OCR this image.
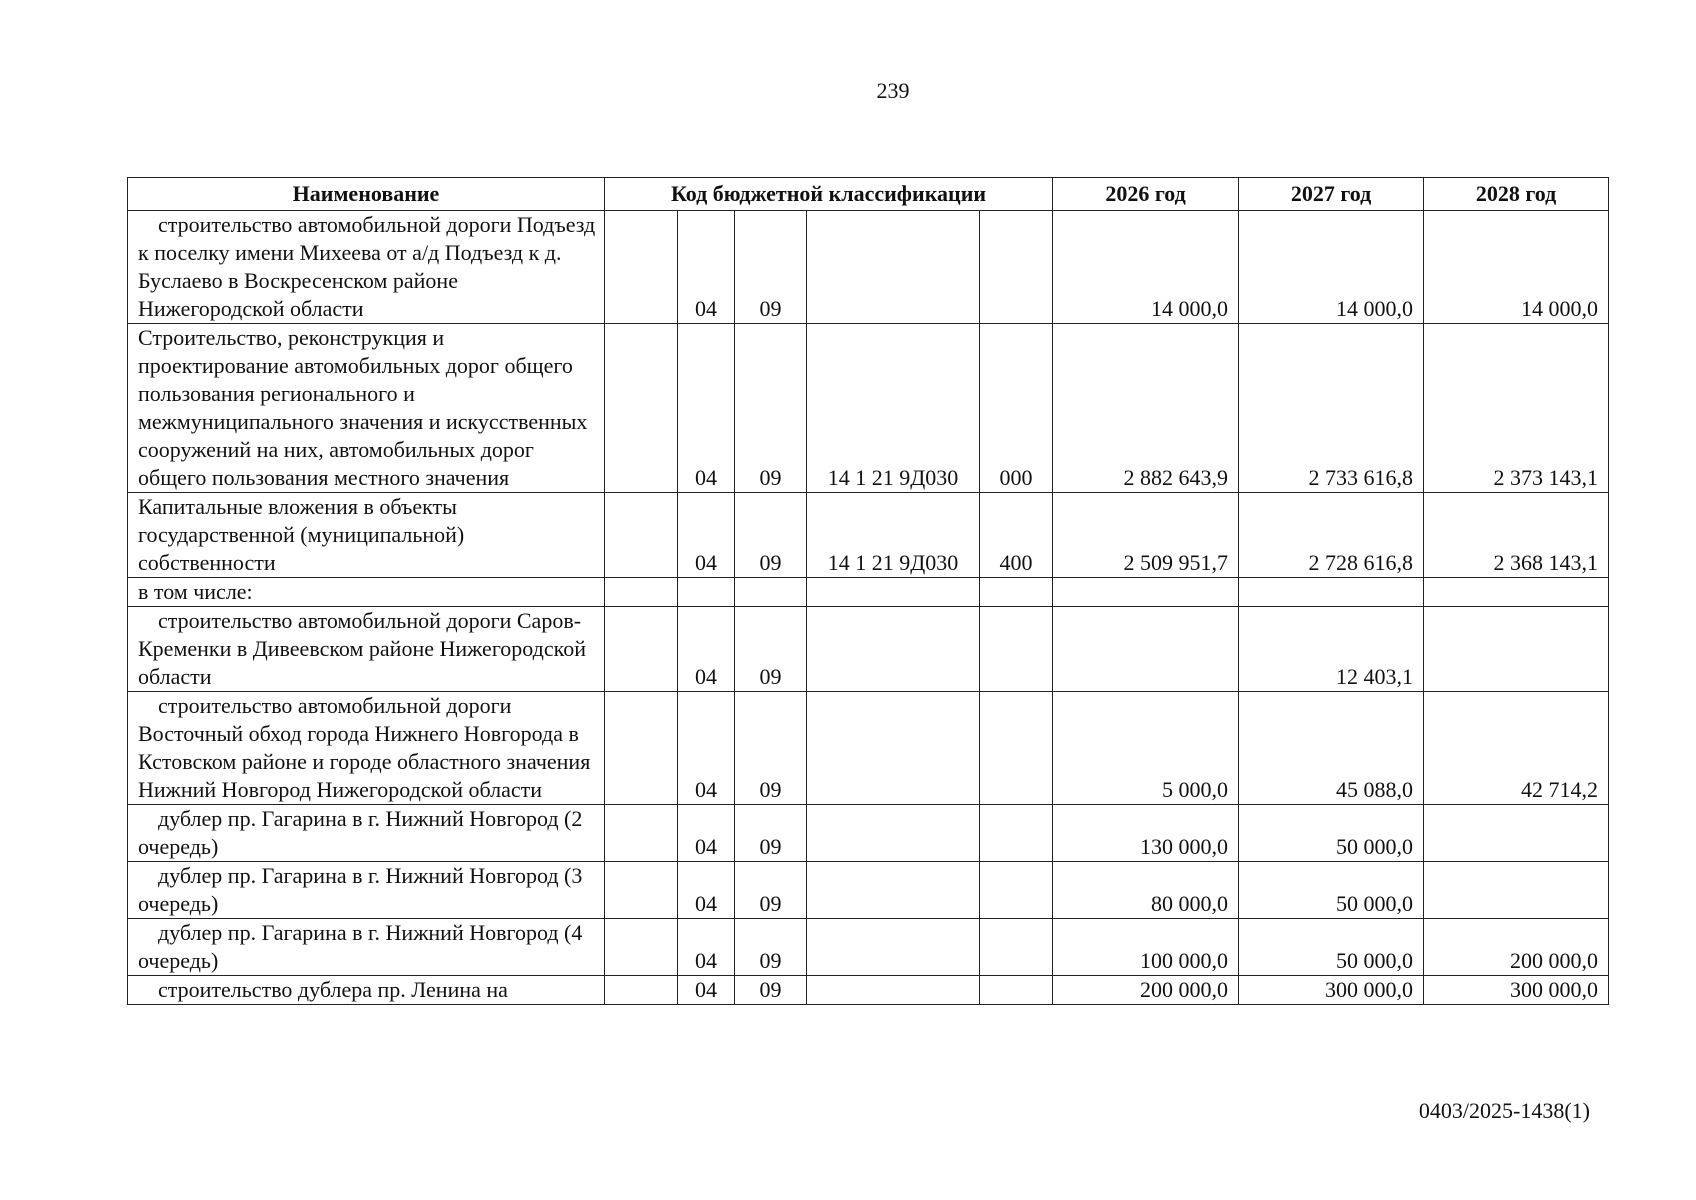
239
Наименование	Код бюджетной классификации					2026 год	2027 год	2028 год
строительство автомобильной дороги Подъезд к поселку имени Михеева от а/д Подъезд к д. Буслаево в Воскресенском районе Нижегородской области		04	09			14 000,0	14 000,0	14 000,0
Строительство, реконструкция и проектирование автомобильных дорог общего пользования регионального и межмуниципального значения и искусственных сооружений на них, автомобильных дорог общего пользования местного значения		04	09	14 1 21 9Д030	000	2 882 643,9	2 733 616,8	2 373 143,1
Капитальные вложения в объекты государственной (муниципальной) собственности		04	09	14 1 21 9Д030	400	2 509 951,7	2 728 616,8	2 368 143,1
в том числе:								
строительство автомобильной дороги Саров-Кременки в Дивеевском районе Нижегородской области		04	09				12 403,1	
строительство автомобильной дороги Восточный обход города Нижнего Новгорода в Кстовском районе и городе областного значения Нижний Новгород Нижегородской области		04	09			5 000,0	45 088,0	42 714,2
дублер пр. Гагарина в г. Нижний Новгород (2 очередь)		04	09			130 000,0	50 000,0	
дублер пр. Гагарина в г. Нижний Новгород (3 очередь)		04	09			80 000,0	50 000,0	
дублер пр. Гагарина в г. Нижний Новгород (4 очередь)		04	09			100 000,0	50 000,0	200 000,0
строительство дублера пр. Ленина на		04	09			200 000,0	300 000,0	300 000,0
0403/2025-1438(1)
